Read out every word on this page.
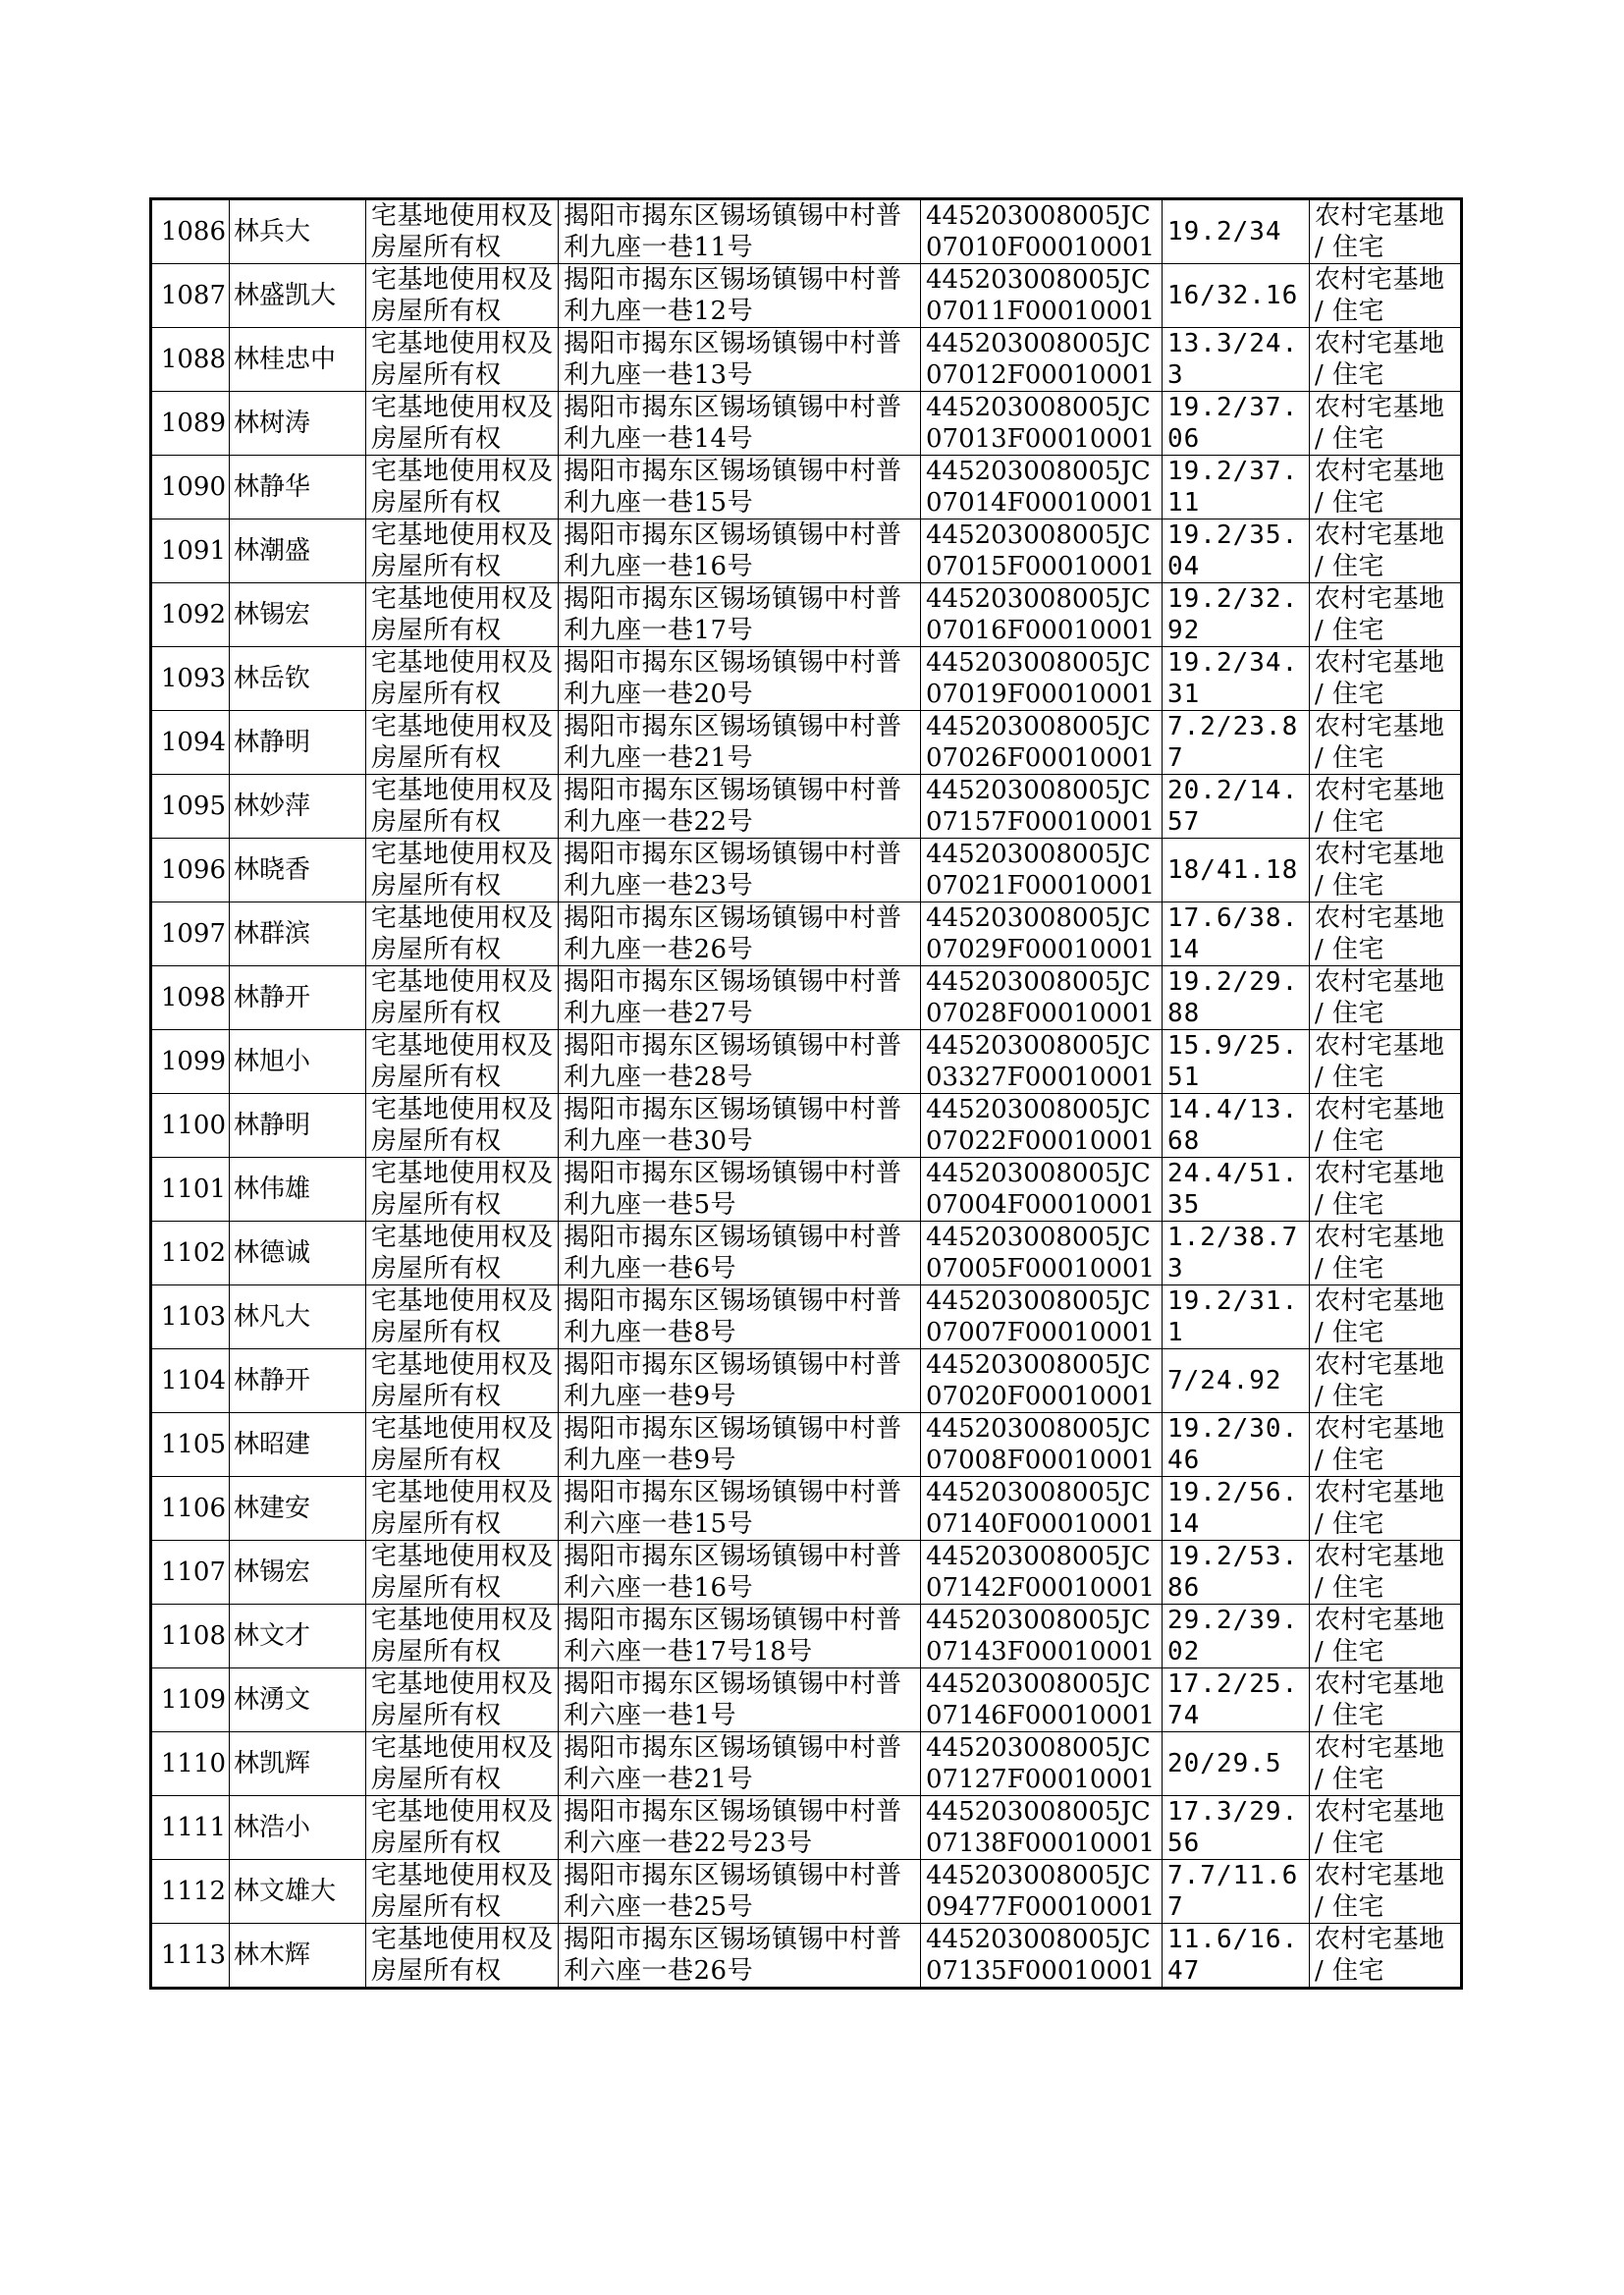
1086	林兵大	宅基地使用权及房屋所有权	揭阳市揭东区锡场镇锡中村普利九座一巷11号	445203008005JC07010F00010001	19.2/34	农村宅基地 / 住宅

1087	林盛凯大	宅基地使用权及房屋所有权	揭阳市揭东区锡场镇锡中村普利九座一巷12号	445203008005JC07011F00010001	16/32.16	农村宅基地 / 住宅

1088	林桂忠中	宅基地使用权及房屋所有权	揭阳市揭东区锡场镇锡中村普利九座一巷13号	445203008005JC07012F00010001	13.3/24.3	农村宅基地 / 住宅

1089	林树涛	宅基地使用权及房屋所有权	揭阳市揭东区锡场镇锡中村普利九座一巷14号	445203008005JC07013F00010001	19.2/37.06	农村宅基地 / 住宅

1090	林静华	宅基地使用权及房屋所有权	揭阳市揭东区锡场镇锡中村普利九座一巷15号	445203008005JC07014F00010001	19.2/37.11	农村宅基地 / 住宅

1091	林潮盛	宅基地使用权及房屋所有权	揭阳市揭东区锡场镇锡中村普利九座一巷16号	445203008005JC07015F00010001	19.2/35.04	农村宅基地 / 住宅

1092	林锡宏	宅基地使用权及房屋所有权	揭阳市揭东区锡场镇锡中村普利九座一巷17号	445203008005JC07016F00010001	19.2/32.92	农村宅基地 / 住宅

1093	林岳钦	宅基地使用权及房屋所有权	揭阳市揭东区锡场镇锡中村普利九座一巷20号	445203008005JC07019F00010001	19.2/34.31	农村宅基地 / 住宅

1094	林静明	宅基地使用权及房屋所有权	揭阳市揭东区锡场镇锡中村普利九座一巷21号	445203008005JC07026F00010001	7.2/23.87	农村宅基地 / 住宅

1095	林妙萍	宅基地使用权及房屋所有权	揭阳市揭东区锡场镇锡中村普利九座一巷22号	445203008005JC07157F00010001	20.2/14.57	农村宅基地 / 住宅

1096	林晓香	宅基地使用权及房屋所有权	揭阳市揭东区锡场镇锡中村普利九座一巷23号	445203008005JC07021F00010001	18/41.18	农村宅基地 / 住宅

1097	林群滨	宅基地使用权及房屋所有权	揭阳市揭东区锡场镇锡中村普利九座一巷26号	445203008005JC07029F00010001	17.6/38.14	农村宅基地 / 住宅

1098	林静开	宅基地使用权及房屋所有权	揭阳市揭东区锡场镇锡中村普利九座一巷27号	445203008005JC07028F00010001	19.2/29.88	农村宅基地 / 住宅

1099	林旭小	宅基地使用权及房屋所有权	揭阳市揭东区锡场镇锡中村普利九座一巷28号	445203008005JC03327F00010001	15.9/25.51	农村宅基地 / 住宅

1100	林静明	宅基地使用权及房屋所有权	揭阳市揭东区锡场镇锡中村普利九座一巷30号	445203008005JC07022F00010001	14.4/13.68	农村宅基地 / 住宅

1101	林伟雄	宅基地使用权及房屋所有权	揭阳市揭东区锡场镇锡中村普利九座一巷5号	445203008005JC07004F00010001	24.4/51.35	农村宅基地 / 住宅

1102	林德诚	宅基地使用权及房屋所有权	揭阳市揭东区锡场镇锡中村普利九座一巷6号	445203008005JC07005F00010001	1.2/38.73	农村宅基地 / 住宅

1103	林凡大	宅基地使用权及房屋所有权	揭阳市揭东区锡场镇锡中村普利九座一巷8号	445203008005JC07007F00010001	19.2/31.1	农村宅基地 / 住宅

1104	林静开	宅基地使用权及房屋所有权	揭阳市揭东区锡场镇锡中村普利九座一巷9号	445203008005JC07020F00010001	7/24.92	农村宅基地 / 住宅

1105	林昭建	宅基地使用权及房屋所有权	揭阳市揭东区锡场镇锡中村普利九座一巷9号	445203008005JC07008F00010001	19.2/30.46	农村宅基地 / 住宅

1106	林建安	宅基地使用权及房屋所有权	揭阳市揭东区锡场镇锡中村普利六座一巷15号	445203008005JC07140F00010001	19.2/56.14	农村宅基地 / 住宅

1107	林锡宏	宅基地使用权及房屋所有权	揭阳市揭东区锡场镇锡中村普利六座一巷16号	445203008005JC07142F00010001	19.2/53.86	农村宅基地 / 住宅

1108	林文才	宅基地使用权及房屋所有权	揭阳市揭东区锡场镇锡中村普利六座一巷17号18号	445203008005JC07143F00010001	29.2/39.02	农村宅基地 / 住宅

1109	林湧文	宅基地使用权及房屋所有权	揭阳市揭东区锡场镇锡中村普利六座一巷1号	445203008005JC07146F00010001	17.2/25.74	农村宅基地 / 住宅

1110	林凯辉	宅基地使用权及房屋所有权	揭阳市揭东区锡场镇锡中村普利六座一巷21号	445203008005JC07127F00010001	20/29.5	农村宅基地 / 住宅

1111	林浩小	宅基地使用权及房屋所有权	揭阳市揭东区锡场镇锡中村普利六座一巷22号23号	445203008005JC07138F00010001	17.3/29.56	农村宅基地 / 住宅

1112	林文雄大	宅基地使用权及房屋所有权	揭阳市揭东区锡场镇锡中村普利六座一巷25号	445203008005JC09477F00010001	7.7/11.67	农村宅基地 / 住宅

1113	林木辉	宅基地使用权及房屋所有权	揭阳市揭东区锡场镇锡中村普利六座一巷26号	445203008005JC07135F00010001	11.6/16.47	农村宅基地 / 住宅
